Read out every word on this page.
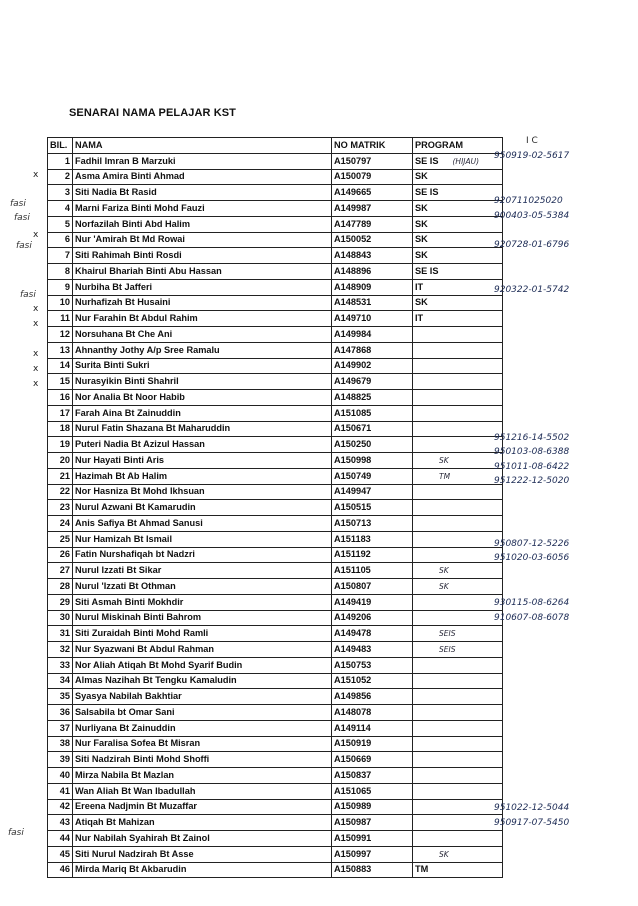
SENARAI NAMA PELAJAR KST
BIL.	NAMA	NO MATRIK	PROGRAM
1	Fadhil Imran B Marzuki	A150797	SE IS (HIJAU)
2	Asma Amira Binti Ahmad	A150079	SK
3	Siti Nadia Bt Rasid	A149665	SE IS
4	Marni Fariza Binti Mohd Fauzi	A149987	SK
5	Norfazilah Binti Abd Halim	A147789	SK
6	Nur 'Amirah Bt Md Rowai	A150052	SK
7	Siti Rahimah Binti Rosdi	A148843	SK
8	Khairul Bhariah Binti Abu Hassan	A148896	SE IS
9	Nurbiha Bt Jafferi	A148909	IT
10	Nurhafizah Bt Husaini	A148531	SK
11	Nur Farahin Bt Abdul Rahim	A149710	IT
12	Norsuhana Bt Che Ani	A149984	
13	Ahnanthy Jothy A/p Sree Ramalu	A147868	
14	Surita Binti Sukri	A149902	
15	Nurasyikin Binti Shahril	A149679	
16	Nor Analia Bt Noor Habib	A148825	
17	Farah Aina Bt Zainuddin	A151085	
18	Nurul Fatin Shazana Bt Maharuddin	A150671	
19	Puteri Nadia Bt Azizul Hassan	A150250	
20	Nur Hayati Binti Aris	A150998	SK
21	Hazimah Bt Ab Halim	A150749	TM
22	Nor Hasniza Bt Mohd Ikhsuan	A149947	
23	Nurul Azwani Bt Kamarudin	A150515	
24	Anis Safiya Bt Ahmad Sanusi	A150713	
25	Nur Hamizah Bt Ismail	A151183	
26	Fatin Nurshafiqah bt Nadzri	A151192	
27	Nurul Izzati Bt Sikar	A151105	SK
28	Nurul 'Izzati Bt Othman	A150807	SK
29	Siti Asmah Binti Mokhdir	A149419	
30	Nurul Miskinah Binti Bahrom	A149206	
31	Siti Zuraidah Binti Mohd Ramli	A149478	SEIS
32	Nur Syazwani Bt Abdul Rahman	A149483	SEIS
33	Nor Aliah Atiqah Bt Mohd Syarif Budin	A150753	
34	Almas Nazihah Bt Tengku Kamaludin	A151052	
35	Syasya Nabilah Bakhtiar	A149856	
36	Salsabila bt Omar Sani	A148078	
37	Nurliyana Bt Zainuddin	A149114	
38	Nur Faralisa Sofea Bt Misran	A150919	
39	Siti Nadzirah Binti Mohd Shoffi	A150669	
40	Mirza Nabila Bt Mazlan	A150837	
41	Wan Aliah Bt Wan Ibadullah	A151065	
42	Ereena Nadjmin Bt Muzaffar	A150989	
43	Atiqah Bt Mahizan	A150987	
44	Nur Nabilah Syahirah Bt Zainol	A150991	
45	Siti Nurul Nadzirah Bt Asse	A150997	SK
46	Mirda Mariq Bt Akbarudin	A150883	TM
I C
950919-02-5617
920711025020
900403-05-5384
920728-01-6796
920322-01-5742
951216-14-5502
950103-08-6388
951011-08-6422
951222-12-5020
950807-12-5226
951020-03-6056
930115-08-6264
910607-08-6078
951022-12-5044
950917-07-5450
fasi
fasi
fasi
fasi
fasi
x
x
x
x
x
x
x
